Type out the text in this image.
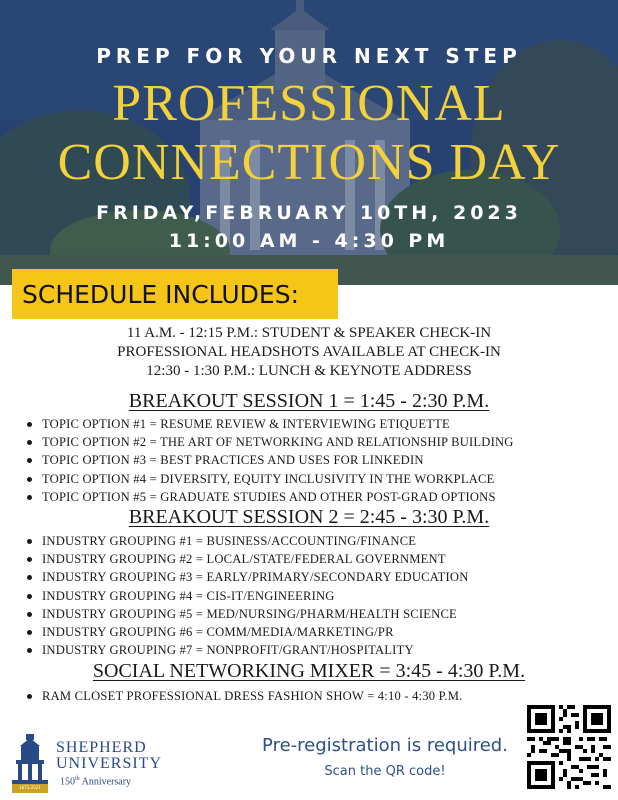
PREP FOR YOUR NEXT STEP
PROFESSIONAL
CONNECTIONS DAY
FRIDAY,FEBRUARY 10TH, 2023
11:00 AM - 4:30 PM
SCHEDULE INCLUDES:
11 A.M. - 12:15 P.M.: STUDENT & SPEAKER CHECK-IN
PROFESSIONAL HEADSHOTS AVAILABLE AT CHECK-IN
12:30 - 1:30 P.M.: LUNCH & KEYNOTE ADDRESS
BREAKOUT SESSION 1 = 1:45 - 2:30 P.M.
TOPIC OPTION #1 = RESUME REVIEW & INTERVIEWING ETIQUETTE
TOPIC OPTION #2 = THE ART OF NETWORKING AND RELATIONSHIP BUILDING
TOPIC OPTION #3 = BEST PRACTICES AND USES FOR LINKEDIN
TOPIC OPTION #4 = DIVERSITY, EQUITY INCLUSIVITY IN THE WORKPLACE
TOPIC OPTION #5 = GRADUATE STUDIES AND OTHER POST-GRAD OPTIONS
BREAKOUT SESSION 2 = 2:45 - 3:30 P.M.
INDUSTRY GROUPING #1 = BUSINESS/ACCOUNTING/FINANCE
INDUSTRY GROUPING #2 = LOCAL/STATE/FEDERAL GOVERNMENT
INDUSTRY GROUPING #3 = EARLY/PRIMARY/SECONDARY EDUCATION
INDUSTRY GROUPING #4 = CIS-IT/ENGINEERING
INDUSTRY GROUPING #5 = MED/NURSING/PHARM/HEALTH SCIENCE
INDUSTRY GROUPING #6 = COMM/MEDIA/MARKETING/PR
INDUSTRY GROUPING #7 = NONPROFIT/GRANT/HOSPITALITY
SOCIAL NETWORKING MIXER = 3:45 - 4:30 P.M.
RAM CLOSET PROFESSIONAL DRESS FASHION SHOW = 4:10 - 4:30 P.M.
1871-2021
SHEPHERD
UNIVERSITY
150th Anniversary
Pre-registration is required.
Scan the QR code!
